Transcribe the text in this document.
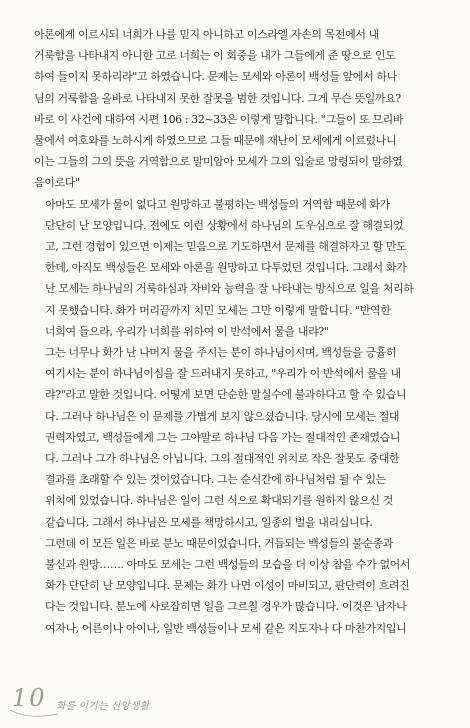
아론에게 이르시되 너희가 나를 믿지 아니하고 이스라엘 자손의 목전에서 내
거룩함을 나타내지 아니한 고로 너희는 이 회중을 내가 그들에게 준 땅으로 인도
하여 들이지 못하리라"고 하였습니다. 문제는 모세와 아론이 백성들 앞에서 하나
님의 거룩함을 올바로 나타내지 못한 잘못을 범한 것입니다. 그게 무슨 뜻일까요?
바로 이 사건에 대하여 시편 106 : 32~33은 이렇게 말합니다. "그들이 또 므리바
물에서 여호와를 노하시게 하였으므로 그들 때문에 재난이 모세에게 이르렀나니
이는 그들의 그의 뜻을 거역함으로 말미암아 모세가 그의 입술로 망령되이 말하였
음이로다"
아마도 모세가 물이 없다고 원망하고 불평하는 백성들의 거역함 때문에 화가
단단히 난 모양입니다. 전에도 이런 상황에서 하나님의 도우심으로 잘 해결되었
고, 그런 경험이 있으면 이제는 믿음으로 기도하면서 문제를 해결하자고 할 만도
한데, 아직도 백성들은 모세와 아론을 원망하고 다투었던 것입니다. 그래서 화가
난 모세는 하나님의 거룩하심과 자비와 능력을 잘 나타내는 방식으로 일을 처리하
지 못했습니다. 화가 머리끝까지 치민 모세는 그만 이렇게 말합니다. "반역한
너희여 들으라, 우리가 너희를 위하여 이 반석에서 물을 내랴?"
그는 너무나 화가 난 나머지 물을 주시는 분이 하나님이시며, 백성들을 긍휼히
여기시는 분이 하나님이심을 잘 드러내지 못하고, "우리가 이 반석에서 물을 내
랴?"라고 말한 것입니다. 어떻게 보면 단순한 말실수에 불과하다고 할 수 있습니
다. 그러나 하나님은 이 문제를 가볍게 보지 않으셨습니다. 당시에 모세는 절대
권력자였고, 백성들에게 그는 그야말로 하나님 다음 가는 절대적인 존재였습니
다. 그러나 그가 하나님은 아닙니다. 그의 절대적인 위치로 작은 잘못도 중대한
결과를 초래할 수 있는 것이었습니다. 그는 순식간에 하나님처럼 될 수 있는
위치에 있었습니다. 하나님은 일이 그런 식으로 확대되기를 원하지 않으신 것
같습니다. 그래서 하나님은 모세를 책망하시고, 일종의 벌을 내리십니다.
그런데 이 모든 일은 바로 분노 때문이었습니다. 거듭되는 백성들의 불순종과
불신과 원망……. 아마도 모세는 그런 백성들의 모습을 더 이상 참을 수가 없어서
화가 단단히 난 모양입니다. 문제는 화가 나면 이성이 마비되고, 판단력이 흐려진
다는 것입니다. 분노에 사로잡히면 일을 그르칠 경우가 많습니다. 이것은 남자나
여자나, 어른이나 아이나, 일반 백성들이나 모세 같은 지도자나 다 마찬가지입니
10 화를 이기는 신앙생활
